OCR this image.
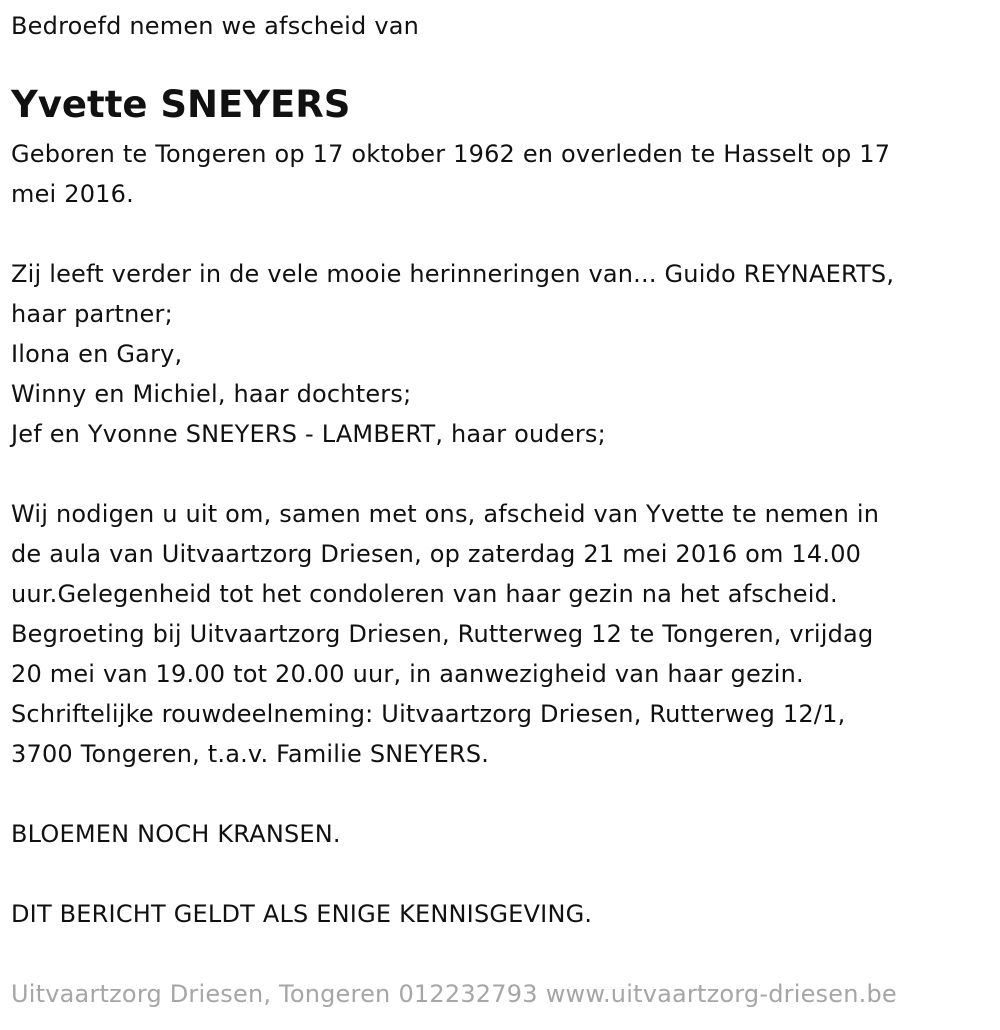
Bedroefd nemen we afscheid van
Yvette SNEYERS
Geboren te Tongeren op 17 oktober 1962 en overleden te Hasselt op 17
mei 2016.
Zij leeft verder in de vele mooie herinneringen van... Guido REYNAERTS,
haar partner;
Ilona en Gary,
Winny en Michiel, haar dochters;
Jef en Yvonne SNEYERS - LAMBERT, haar ouders;
Wij nodigen u uit om, samen met ons, afscheid van Yvette te nemen in
de aula van Uitvaartzorg Driesen, op zaterdag 21 mei 2016 om 14.00
uur.Gelegenheid tot het condoleren van haar gezin na het afscheid.
Begroeting bij Uitvaartzorg Driesen, Rutterweg 12 te Tongeren, vrijdag
20 mei van 19.00 tot 20.00 uur, in aanwezigheid van haar gezin.
Schriftelijke rouwdeelneming: Uitvaartzorg Driesen, Rutterweg 12/1,
3700 Tongeren, t.a.v. Familie SNEYERS.
BLOEMEN NOCH KRANSEN.
DIT BERICHT GELDT ALS ENIGE KENNISGEVING.
Uitvaartzorg Driesen, Tongeren 012232793 www.uitvaartzorg-driesen.be
